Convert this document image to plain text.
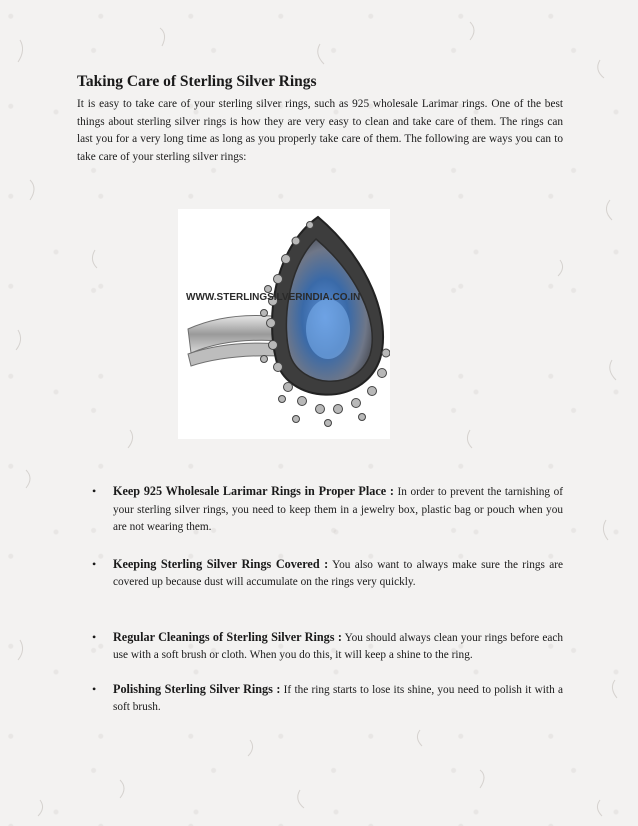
Taking Care of Sterling Silver Rings

It is easy to take care of your sterling silver rings, such as 925 wholesale Larimar rings. One of the best things about sterling silver rings is how they are very easy to clean and take care of them. The rings can last you for a very long time as long as you properly take care of them. The following are ways you can to take care of your sterling silver rings:

WWW.STERLINGSILVERINDIA.CO.IN
• Keep 925 Wholesale Larimar Rings in Proper Place : In order to prevent the tarnishing of your sterling silver rings, you need to keep them in a jewelry box, plastic bag or pouch when you are not wearing them.
• Keeping Sterling Silver Rings Covered : You also want to always make sure the rings are covered up because dust will accumulate on the rings very quickly.
• Regular Cleanings of Sterling Silver Rings : You should always clean your rings before each use with a soft brush or cloth. When you do this, it will keep a shine to the ring.
• Polishing Sterling Silver Rings : If the ring starts to lose its shine, you need to polish it with a soft brush.
